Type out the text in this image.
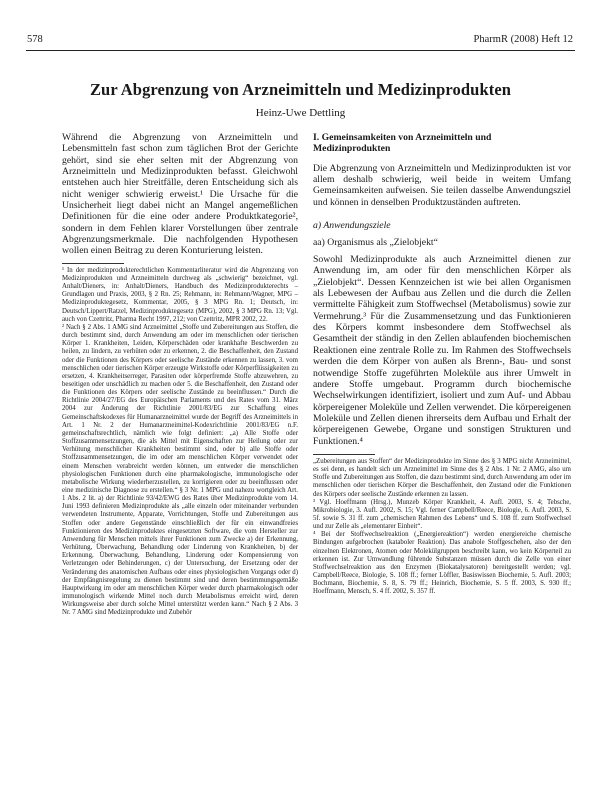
578	PharmR (2008) Heft 12
Zur Abgrenzung von Arzneimitteln und Medizinprodukten
Heinz-Uwe Dettling

Während die Abgrenzung von Arzneimitteln und Lebensmitteln fast schon zum täglichen Brot der Gerichte gehört, sind sie eher selten mit der Abgrenzung von Arzneimitteln und Medizinprodukten befasst. Gleichwohl entstehen auch hier Streitfälle, deren Entscheidung sich als nicht weniger schwierig erweist.¹ Die Ursache für die Unsicherheit liegt dabei nicht an Mangel angemeßlichen Definitionen für die eine oder andere Produktkategorie², sondern in dem Fehlen klarer Vorstellungen über zentrale Abgrenzungsmerkmale. Die nachfolgenden Hypothesen wollen einen Beitrag zu deren Konturierung leisten.

¹ In der medizinprodukterechtlichen Kommentarliteratur wird die Abgrenzung von Medizinprodukten und Arzneimitteln durchweg als „schwierig“ bezeichnet, vgl. Anhalt/Dieners, in: Anhalt/Dieners, Handbuch des Medizinprodukterechts – Grundlagen und Praxis, 2003, § 2 Rn. 25; Rehmann, in: Rehmann/Wagner, MPG – Medizinproduktegesetz, Kommentar, 2005, § 3 MPG Rn. 1; Deutsch, in: Deutsch/Lippert/Ratzel, Medizinproduktegesetz (MPG), 2002, § 3 MPG Rn. 13; Vgl. auch von Czettritz, Pharma Recht 1997, 212; von Czettritz, MPR 2002, 22.

² Nach § 2 Abs. 1 AMG sind Arzneimittel „Stoffe und Zubereitungen aus Stoffen, die durch bestimmt sind, durch Anwendung am oder im menschlichen oder tierischen Körper 1. Krankheiten, Leiden, Körperschäden oder krankhafte Beschwerden zu heilen, zu lindern, zu verhüten oder zu erkennen, 2. die Beschaffenheit, den Zustand oder die Funktionen des Körpers oder seelische Zustände erkennen zu lassen, 3. vom menschlichen oder tierischen Körper erzeugte Wirkstoffe oder Körperflüssigkeiten zu ersetzen, 4. Krankheitserreger, Parasiten oder körperfremde Stoffe abzuwehren, zu beseitigen oder unschädlich zu machen oder 5. die Beschaffenheit, den Zustand oder die Funktionen des Körpers oder seelische Zustände zu beeinflussen.“ Durch die Richtlinie 2004/27/EG des Europäischen Parlaments und des Rates vom 31. März 2004 zur Änderung der Richtlinie 2001/83/EG zur Schaffung eines Gemeinschaftskodexes für Humanarzneimittel wurde der Begriff des Arzneimittels in Art. 1 Nr. 2 der Humanarzneimittel-Kodexrichtlinie 2001/83/EG n.F. gemeinschaftsrechtlich, nämlich wie folgt definiert: „a) Alle Stoffe oder Stoffzusammensetzungen, die als Mittel mit Eigenschaften zur Heilung oder zur Verhütung menschlicher Krankheiten bestimmt sind, oder b) alle Stoffe oder Stoffzusammensetzungen, die im oder am menschlichen Körper verwendet oder einem Menschen verabreicht werden können, um entweder die menschlichen physiologischen Funktionen durch eine pharmakologische, immunologische oder metabolische Wirkung wiederherzustellen, zu korrigieren oder zu beeinflussen oder eine medizinische Diagnose zu erstellen.“ § 3 Nr. 1 MPG und nahezu wortgleich Art. 1 Abs. 2 lit. a) der Richtlinie 93/42/EWG des Rates über Medizinprodukte vom 14. Juni 1993 definieren Medizinprodukte als „alle einzeln oder miteinander verbunden verwendeten Instrumente, Apparate, Vorrichtungen, Stoffe und Zubereitungen aus Stoffen oder andere Gegenstände einschließlich der für ein einwandfreies Funktionieren des Medizinproduktes eingesetzten Software, die vom Hersteller zur Anwendung für Menschen mittels ihrer Funktionen zum Zwecke a) der Erkennung, Verhütung, Überwachung, Behandlung oder Linderung von Krankheiten, b) der Erkennung, Überwachung, Behandlung, Linderung oder Kompensierung von Verletzungen oder Behinderungen, c) der Untersuchung, der Ersetzung oder der Veränderung des anatomischen Aufbaus oder eines physiologischen Vorgangs oder d) der Empfängnisregelung zu dienen bestimmt sind und deren bestimmungsgemäße Hauptwirkung im oder am menschlichen Körper weder durch pharmakologisch oder immunologisch wirkende Mittel noch durch Metabolismus erreicht wird, deren Wirkungsweise aber durch solche Mittel unterstützt werden kann.“ Nach § 2 Abs. 3 Nr. 7 AMG sind Medizinprodukte und Zubehör

I. Gemeinsamkeiten von Arzneimitteln und Medizinprodukten

Die Abgrenzung von Arzneimitteln und Medizinprodukten ist vor allem deshalb schwierig, weil beide in weitem Umfang Gemeinsamkeiten aufweisen. Sie teilen dasselbe Anwendungsziel und können in denselben Produktzuständen auftreten.

a) Anwendungsziele

aa) Organismus als „Zielobjekt“

Sowohl Medizinprodukte als auch Arzneimittel dienen zur Anwendung im, am oder für den menschlichen Körper als „Zielobjekt“. Dessen Kennzeichen ist wie bei allen Organismen als Lebewesen der Aufbau aus Zellen und die durch die Zellen vermittelte Fähigkeit zum Stoffwechsel (Metabolismus) sowie zur Vermehrung.³ Für die Zusammensetzung und das Funktionieren des Körpers kommt insbesondere dem Stoffwechsel als Gesamtheit der ständig in den Zellen ablaufenden biochemischen Reaktionen eine zentrale Rolle zu. Im Rahmen des Stoffwechsels werden die dem Körper von außen als Brenn-, Bau- und sonst notwendige Stoffe zugeführten Moleküle aus ihrer Umwelt in andere Stoffe umgebaut. Programm durch biochemische Wechselwirkungen identifiziert, isoliert und zum Auf- und Abbau körpereigener Moleküle und Zellen verwendet. Die körpereigenen Moleküle und Zellen dienen ihrerseits dem Aufbau und Erhalt der körpereigenen Gewebe, Organe und sonstigen Strukturen und Funktionen.⁴

„Zubereitungen aus Stoffen“ der Medizinprodukte im Sinne des § 3 MPG nicht Arzneimittel, es sei denn, es handelt sich um Arzneimittel im Sinne des § 2 Abs. 1 Nr. 2 AMG, also um Stoffe und Zubereitungen aus Stoffen, die dazu bestimmt sind, durch Anwendung am oder im menschlichen oder tierischen Körper die Beschaffenheit, den Zustand oder die Funktionen des Körpers oder seelische Zustände erkennen zu lassen.

³ Vgl. Hoeffmann (Hrsg.), Munzeb Körper Krankheit, 4. Aufl. 2003, S. 4; Tebsche, Mikrobiologie, 3. Aufl. 2002, S. 15; Vgl. ferner Campbell/Reece, Biologie, 6. Aufl. 2003, S. 5f. sowie S. 31 ff. zum „chemischen Rahmen des Lebens“ und S. 108 ff. zum Stoffwechsel und zur Zelle als „elementarer Einheit“.

⁴ Bei der Stoffwechselreaktion („Energiereaktion“) werden energiereiche chemische Bindungen aufgebrochen (kataboler Reaktion). Das anabole Stoffgeschehen, also der den einzelnen Elektronen, Atomen oder Molekülgruppen beschreibt kann, wo kein Körperteil zu erkennen ist. Zur Umwandlung führende Substanzen müssen durch die Zelle von einer Stoffwechselreaktion aus den Enzymen (Biokatalysatoren) bereitgestellt werden; vgl. Campbell/Reece, Biologie, S. 108 ff.; ferner Löffler, Basiswissen Biochemie, 5. Aufl. 2003; Bochmann, Biochemie, S. 8, S. 79 ff.; Heinrich, Biochemie, S. 5 ff. 2003, S. 930 ff.; Hoeffmann, Mensch, S. 4 ff. 2002, S. 357 ff.
